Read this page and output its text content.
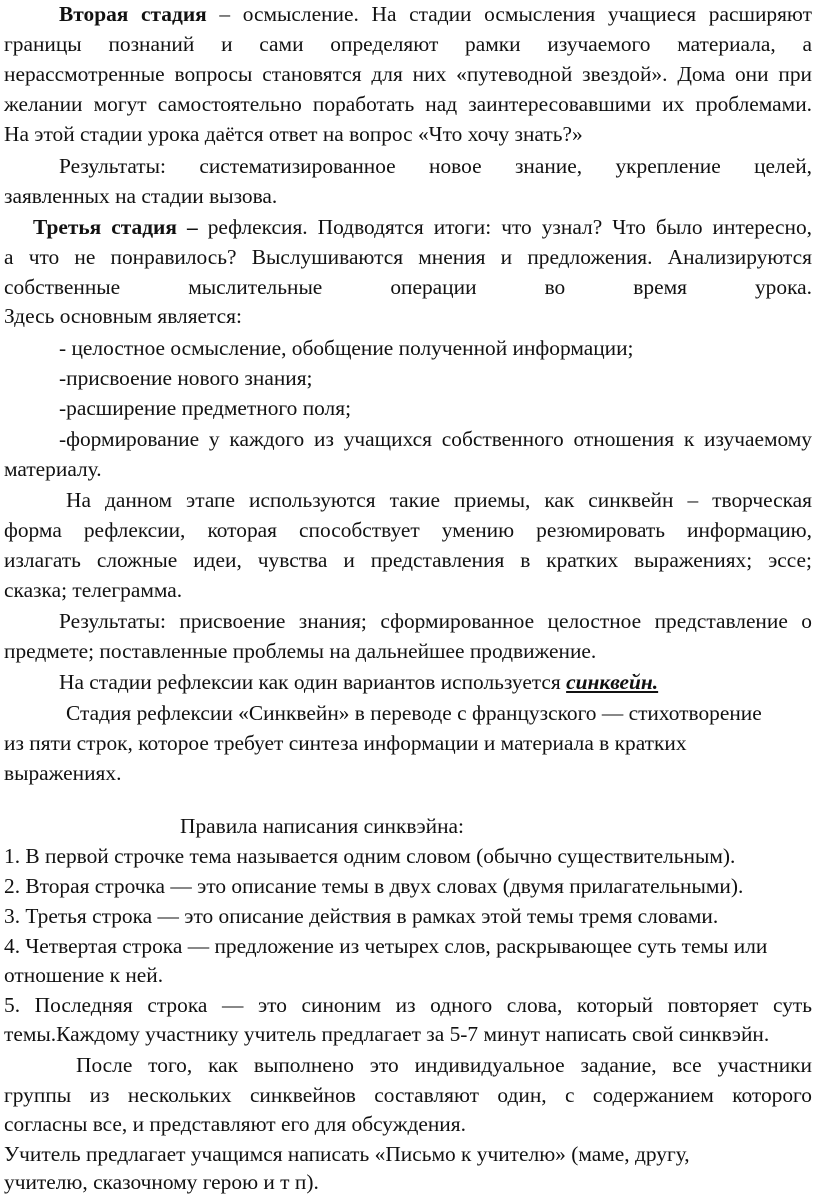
Вторая стадия – осмысление. На стадии осмысления учащиеся расширяют
границы познаний и сами определяют рамки изучаемого материала, а
нерассмотренные вопросы становятся для них «путеводной звездой». Дома они при
желании могут самостоятельно поработать над заинтересовавшими их проблемами.
На этой стадии урока даётся ответ на вопрос «Что хочу знать?»
Результаты: систематизированное новое знание, укрепление целей,
заявленных на стадии вызова.
Третья стадия – рефлексия. Подводятся итоги: что узнал? Что было интересно,
а что не понравилось? Выслушиваются мнения и предложения. Анализируются
собственные мыслительные операции во время урока.
Здесь основным является:
- целостное осмысление, обобщение полученной информации;
-присвоение нового знания;
-расширение предметного поля;
-формирование у каждого из учащихся собственного отношения к изучаемому
материалу.
На данном этапе используются такие приемы, как синквейн – творческая
форма рефлексии, которая способствует умению резюмировать информацию,
излагать сложные идеи, чувства и представления в кратких выражениях; эссе;
сказка; телеграмма.
Результаты: присвоение знания; сформированное целостное представление о
предмете; поставленные проблемы на дальнейшее продвижение.
На стадии рефлексии как один вариантов используется синквейн.
Стадия рефлексии «Синквейн» в переводе с французского — стихотворение
из пяти строк, которое требует синтеза информации и материала в кратких
выражениях.
Правила написания синквэйна:
1. В первой строчке тема называется одним словом (обычно существительным).
2. Вторая строчка — это описание темы в двух словах (двумя прилагательными).
3. Третья строка — это описание действия в рамках этой темы тремя словами.
4. Четвертая строка — предложение из четырех слов, раскрывающее суть темы или
отношение к ней.
5. Последняя строка — это синоним из одного слова, который повторяет суть
темы.Каждому участнику учитель предлагает за 5-7 минут написать свой синквэйн.
После того, как выполнено это индивидуальное задание, все участники
группы из нескольких синквейнов составляют один, с содержанием которого
согласны все, и представляют его для обсуждения.
Учитель предлагает учащимся написать «Письмо к учителю» (маме, другу,
учителю, сказочному герою и т п).
